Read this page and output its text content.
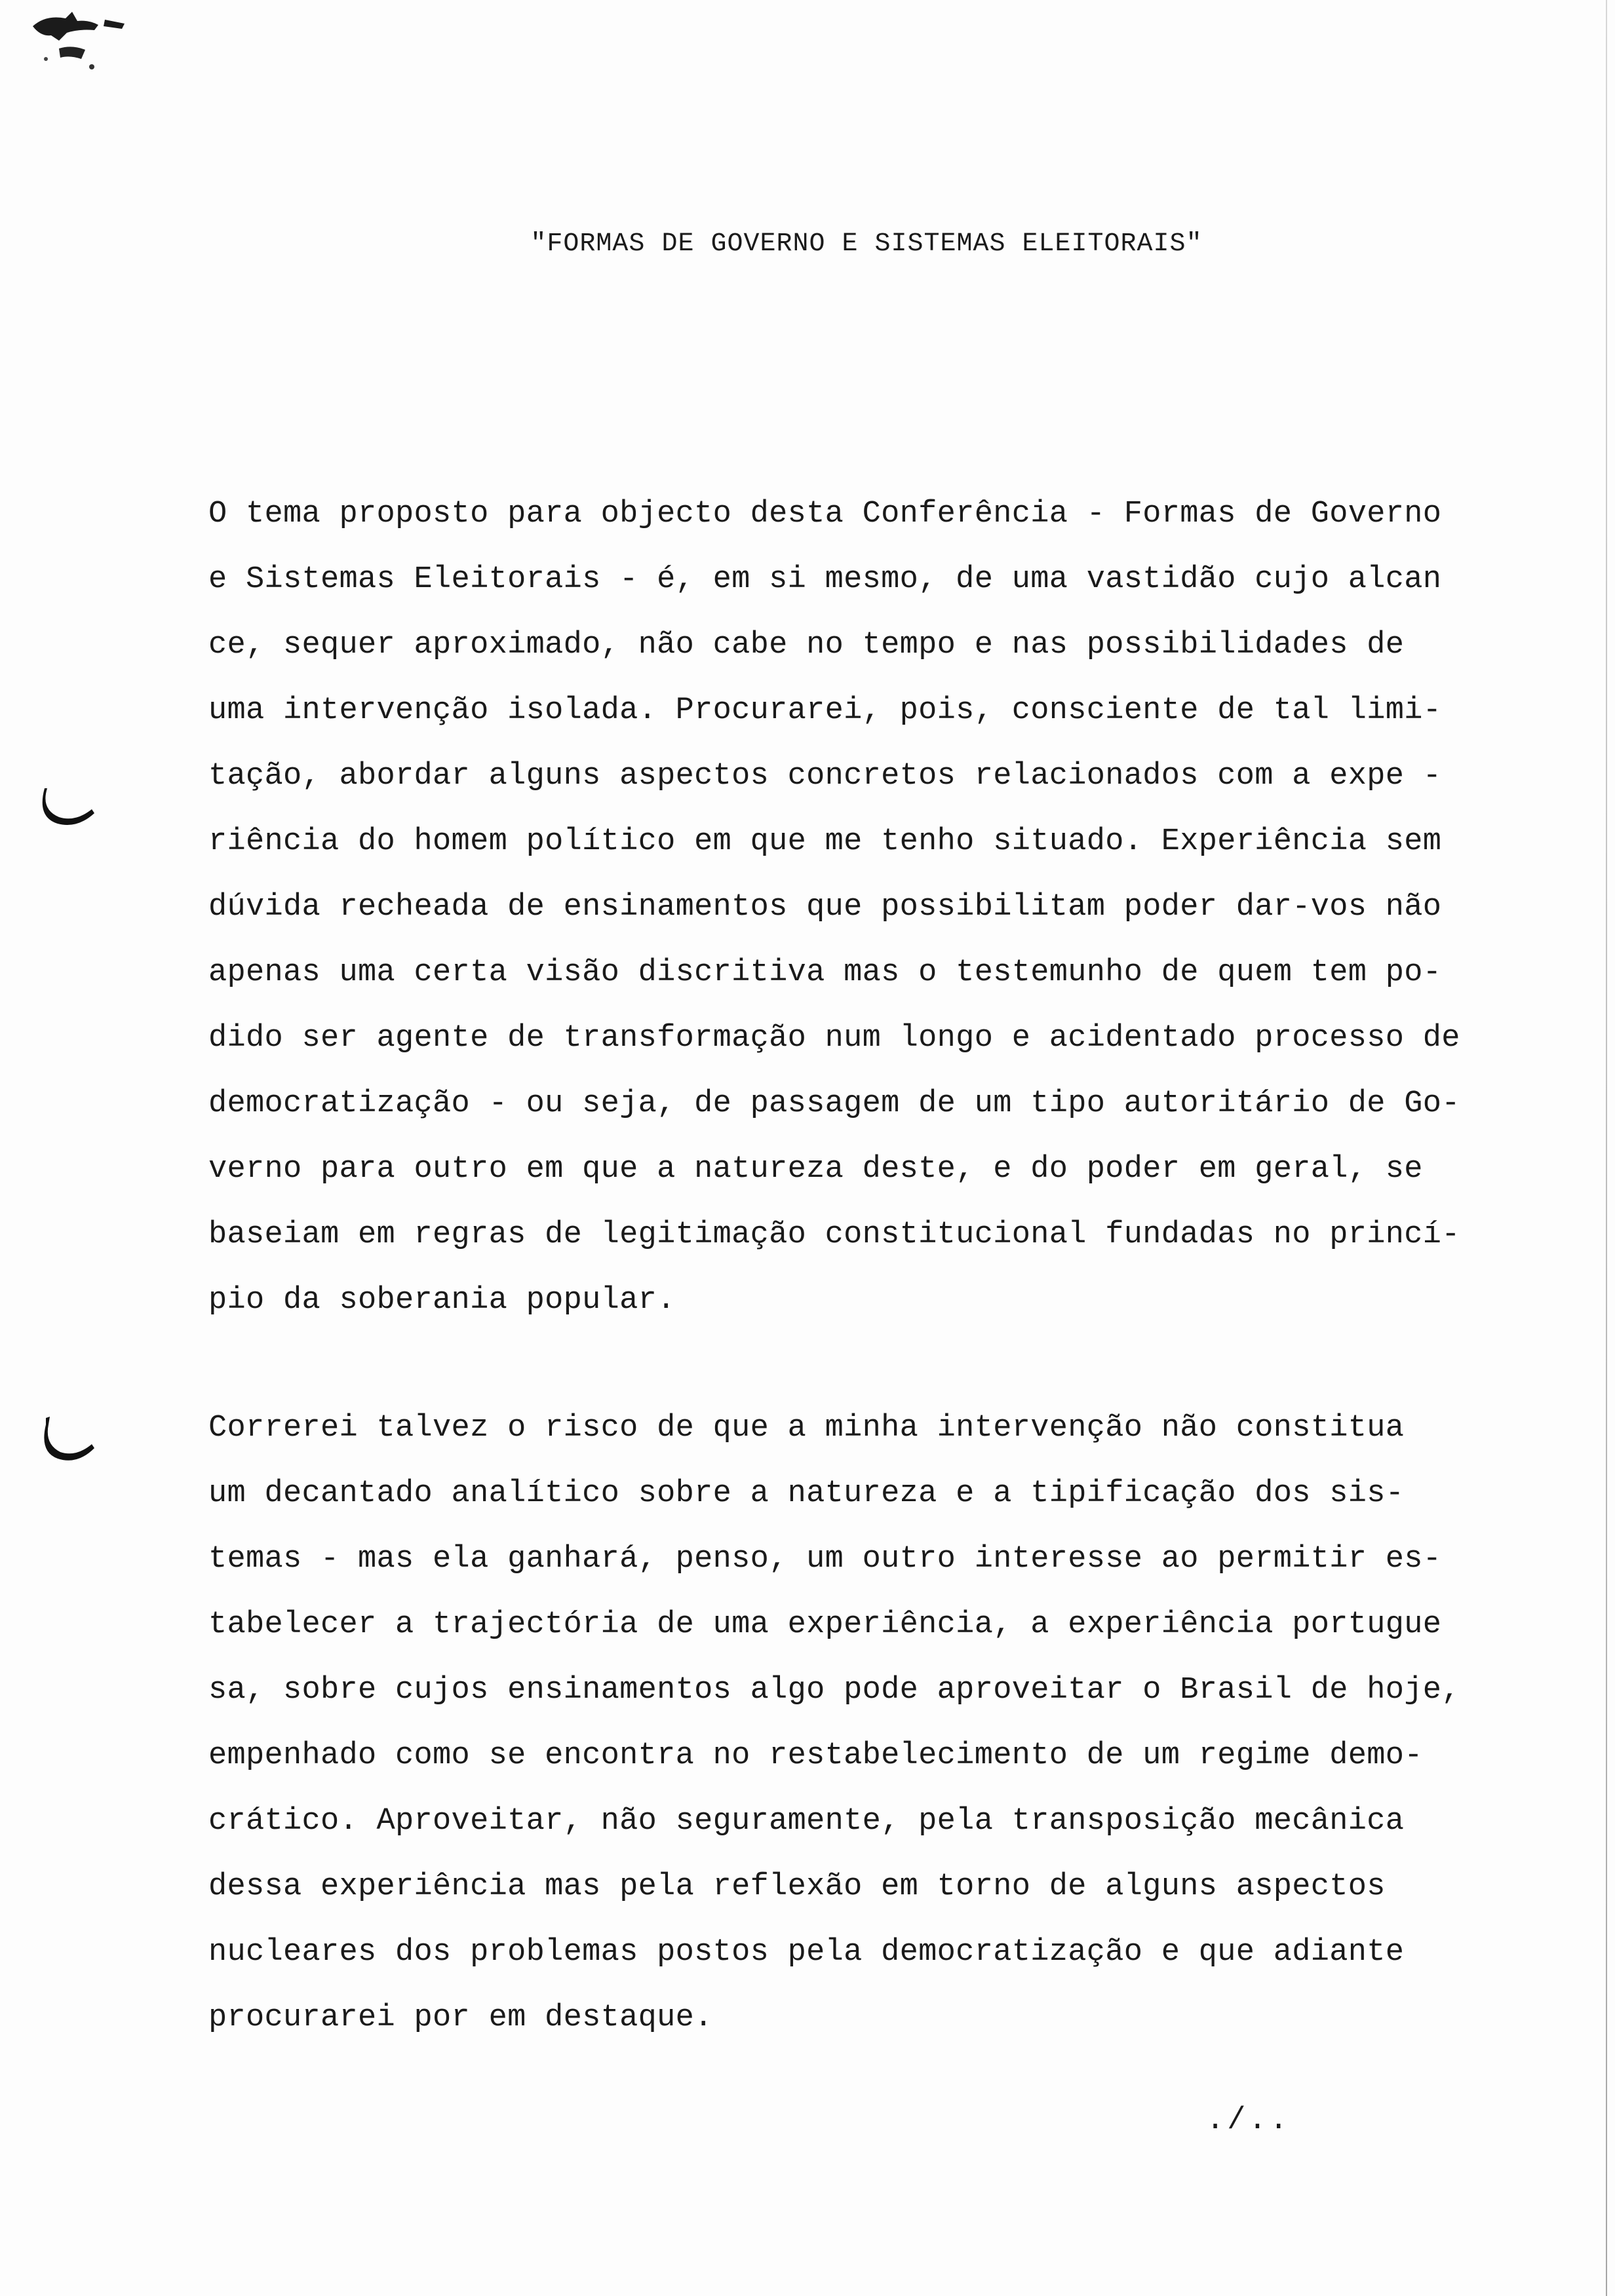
"FORMAS DE GOVERNO E SISTEMAS ELEITORAIS"
O tema proposto para objecto desta Conferência - Formas de Governo
e Sistemas Eleitorais - é, em si mesmo, de uma vastidão cujo alcan
ce, sequer aproximado, não cabe no tempo e nas possibilidades de
uma intervenção isolada. Procurarei, pois, consciente de tal limi-
tação, abordar alguns aspectos concretos relacionados com a expe -
riência do homem político em que me tenho situado. Experiência sem
dúvida recheada de ensinamentos que possibilitam poder dar-vos não
apenas uma certa visão discritiva mas o testemunho de quem tem po-
dido ser agente de transformação num longo e acidentado processo de
democratização - ou seja, de passagem de um tipo autoritário de Go-
verno para outro em que a natureza deste, e do poder em geral, se
baseiam em regras de legitimação constitucional fundadas no princí-
pio da soberania popular.
Correrei talvez o risco de que a minha intervenção não constitua
um decantado analítico sobre a natureza e a tipificação dos sis-
temas - mas ela ganhará, penso, um outro interesse ao permitir es-
tabelecer a trajectória de uma experiência, a experiência portugue
sa, sobre cujos ensinamentos algo pode aproveitar o Brasil de hoje,
empenhado como se encontra no restabelecimento de um regime demo-
crático. Aproveitar, não seguramente, pela transposição mecânica
dessa experiência mas pela reflexão em torno de alguns aspectos
nucleares dos problemas postos pela democratização e que adiante
procurarei por em destaque.
./..
